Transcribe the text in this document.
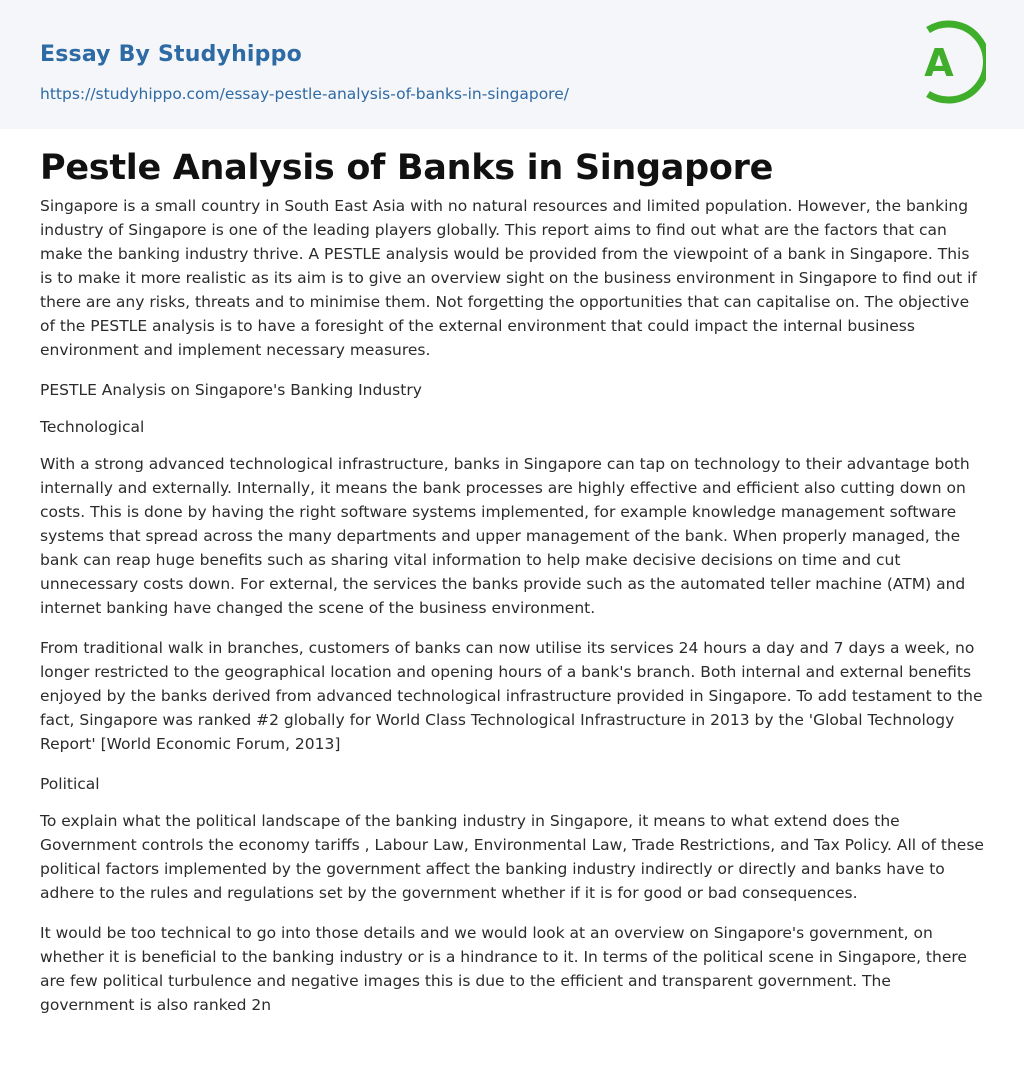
Essay By Studyhippo
https://studyhippo.com/essay-pestle-analysis-of-banks-in-singapore/
A
Pestle Analysis of Banks in Singapore

Singapore is a small country in South East Asia with no natural resources and limited population. However, the banking industry of Singapore is one of the leading players globally. This report aims to find out what are the factors that can make the banking industry thrive. A PESTLE analysis would be provided from the viewpoint of a bank in Singapore. This is to make it more realistic as its aim is to give an overview sight on the business environment in Singapore to find out if there are any risks, threats and to minimise them. Not forgetting the opportunities that can capitalise on. The objective of the PESTLE analysis is to have a foresight of the external environment that could impact the internal business environment and implement necessary measures.

PESTLE Analysis on Singapore's Banking Industry

Technological

With a strong advanced technological infrastructure, banks in Singapore can tap on technology to their advantage both internally and externally. Internally, it means the bank processes are highly effective and efficient also cutting down on costs. This is done by having the right software systems implemented, for example knowledge management software systems that spread across the many departments and upper management of the bank. When properly managed, the bank can reap huge benefits such as sharing vital information to help make decisive decisions on time and cut unnecessary costs down. For external, the services the banks provide such as the automated teller machine (ATM) and internet banking have changed the scene of the business environment.

From traditional walk in branches, customers of banks can now utilise its services 24 hours a day and 7 days a week, no longer restricted to the geographical location and opening hours of a bank's branch. Both internal and external benefits enjoyed by the banks derived from advanced technological infrastructure provided in Singapore. To add testament to the fact, Singapore was ranked #2 globally for World Class Technological Infrastructure in 2013 by the 'Global Technology Report' [World Economic Forum, 2013]

Political

To explain what the political landscape of the banking industry in Singapore, it means to what extend does the Government controls the economy tariffs , Labour Law, Environmental Law, Trade Restrictions, and Tax Policy. All of these political factors implemented by the government affect the banking industry indirectly or directly and banks have to adhere to the rules and regulations set by the government whether if it is for good or bad consequences.

It would be too technical to go into those details and we would look at an overview on Singapore's government, on whether it is beneficial to the banking industry or is a hindrance to it. In terms of the political scene in Singapore, there are few political turbulence and negative images this is due to the efficient and transparent government. The government is also ranked 2n
